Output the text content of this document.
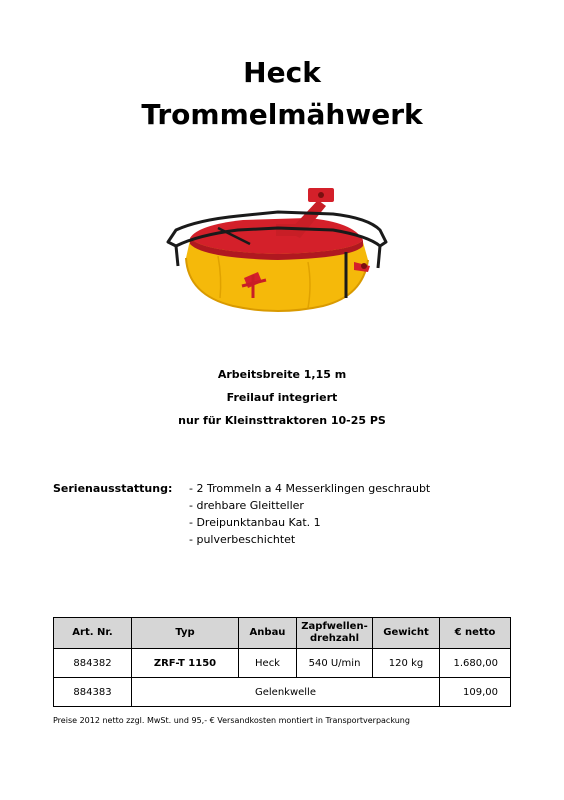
Heck
Trommelmähwerk
Arbeitsbreite 1,15 m
Freilauf integriert
nur für Kleinsttraktoren 10-25 PS
Serienausstattung: - 2 Trommeln a 4 Messerklingen geschraubt
- drehbare Gleitteller
- Dreipunktanbau Kat. 1
- pulverbeschichtet
Art. Nr.	Typ	Anbau	Zapfwellen-
drehzahl	Gewicht	€ netto
884382	ZRF-T 1150	Heck	540 U/min	120 kg	1.680,00
884383	Gelenkwelle				109,00
Preise 2012 netto zzgl. MwSt. und 95,- € Versandkosten montiert in Transportverpackung
